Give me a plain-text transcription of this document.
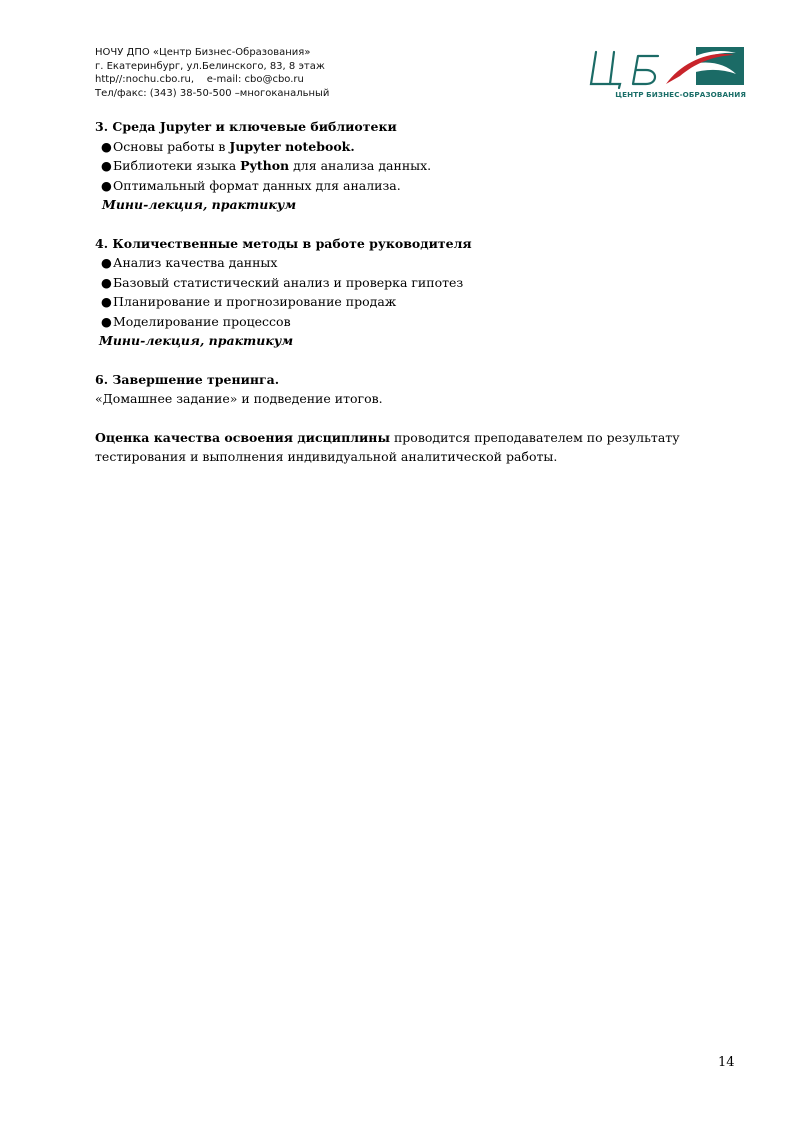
НОЧУ ДПО «Центр Бизнес-Образования»
г. Екатеринбург, ул.Белинского, 83, 8 этаж
http//:nochu.cbo.ru,    e-mail: cbo@cbo.ru
Тел/факс: (343) 38-50-500 –многоканальный	ЦЕНТР БИЗНЕС-ОБРАЗОВАНИЯ

3. Среда Jupyter и ключевые библиотеки

●Основы работы в Jupyter notebook.

●Библиотеки языка Python для анализа данных.

●Оптимальный формат данных для анализа.

Мини-лекция, практикум

4. Количественные методы в работе руководителя

●Анализ качества данных

●Базовый статистический анализ и проверка гипотез

●Планирование и прогнозирование продаж

●Моделирование процессов

Мини-лекция, практикум

6. Завершение тренинга.

«Домашнее задание» и подведение итогов.

Оценка качества освоения дисциплины проводится преподавателем по результату тестирования и выполнения индивидуальной аналитической работы.

14
